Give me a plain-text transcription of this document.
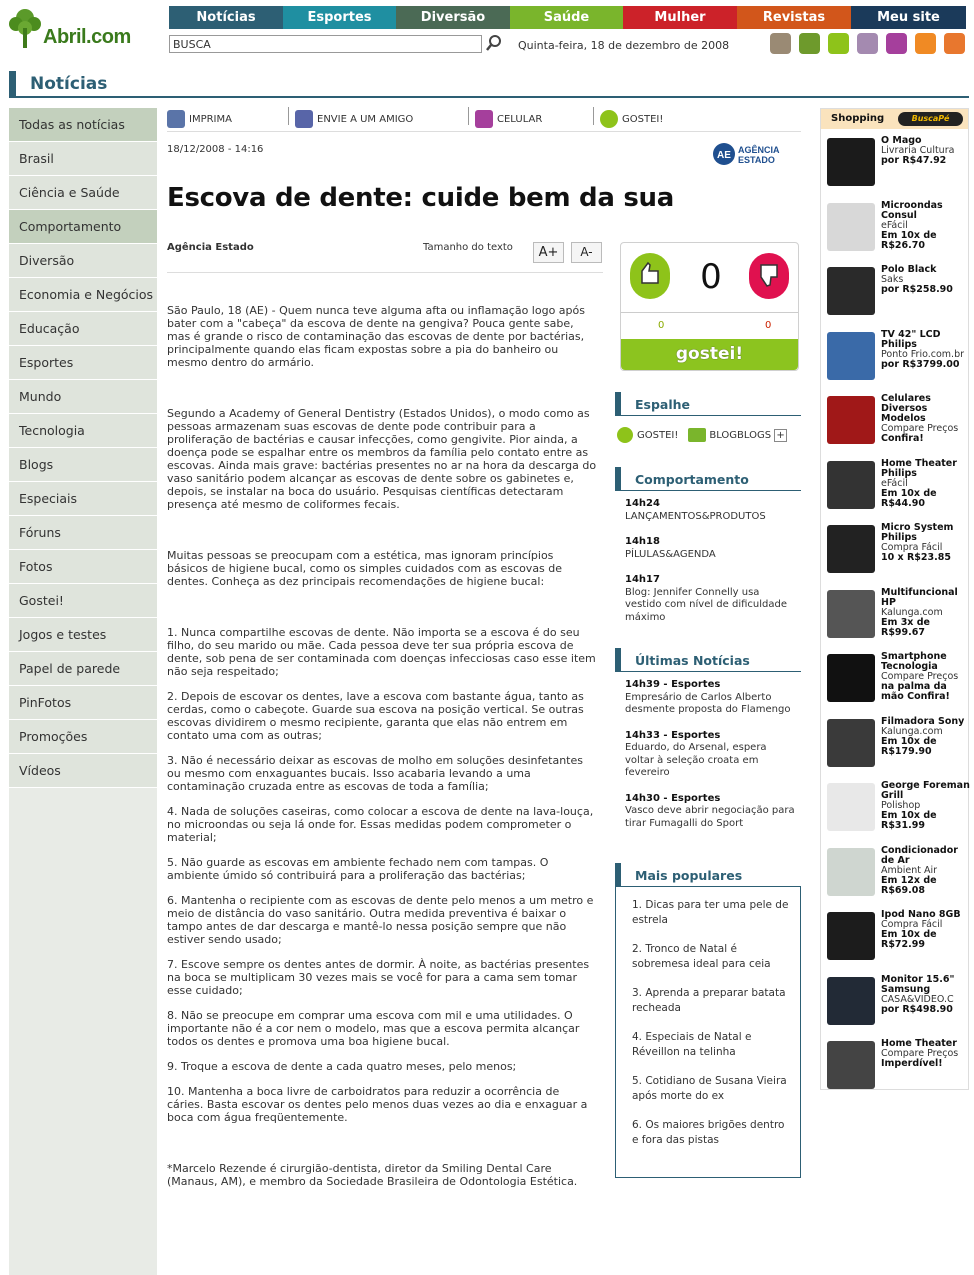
Abril.com
Notícias	Esportes	Diversão	Saúde	Mulher	Revistas	Meu site
BUSCA
Quinta-feira, 18 de dezembro de 2008
Notícias
Todas as notícias
Brasil
Ciência e Saúde
Comportamento
Diversão
Economia e Negócios
Educação
Esportes
Mundo
Tecnologia
Blogs
Especiais
Fóruns
Fotos
Gostei!
Jogos e testes
Papel de parede
PinFotos
Promoções
Vídeos
IMPRIMA	ENVIE A UM AMIGO	CELULAR	GOSTEI!
18/12/2008 - 14:16
AE AGÊNCIA
ESTADO
Escova de dente: cuide bem da sua
Agência Estado	Tamanho do texto	A+	A-

São Paulo, 18 (AE) - Quem nunca teve alguma afta ou inflamação logo após bater com a "cabeça" da escova de dente na gengiva? Pouca gente sabe, mas é grande o risco de contaminação das escovas de dente por bactérias, principalmente quando elas ficam expostas sobre a pia do banheiro ou mesmo dentro do armário.

Segundo a Academy of General Dentistry (Estados Unidos), o modo como as pessoas armazenam suas escovas de dente pode contribuir para a proliferação de bactérias e causar infecções, como gengivite. Pior ainda, a doença pode se espalhar entre os membros da família pelo contato entre as escovas. Ainda mais grave: bactérias presentes no ar na hora da descarga do vaso sanitário podem alcançar as escovas de dente sobre os gabinetes e, depois, se instalar na boca do usuário. Pesquisas científicas detectaram presença até mesmo de coliformes fecais.

Muitas pessoas se preocupam com a estética, mas ignoram princípios básicos de higiene bucal, como os simples cuidados com as escovas de dentes. Conheça as dez principais recomendações de higiene bucal:

1. Nunca compartilhe escovas de dente. Não importa se a escova é do seu filho, do seu marido ou mãe. Cada pessoa deve ter sua própria escova de dente, sob pena de ser contaminada com doenças infecciosas caso esse item não seja respeitado;

2. Depois de escovar os dentes, lave a escova com bastante água, tanto as cerdas, como o cabeçote. Guarde sua escova na posição vertical. Se outras escovas dividirem o mesmo recipiente, garanta que elas não entrem em contato uma com as outras;

3. Não é necessário deixar as escovas de molho em soluções desinfetantes ou mesmo com enxaguantes bucais. Isso acabaria levando a uma contaminação cruzada entre as escovas de toda a família;

4. Nada de soluções caseiras, como colocar a escova de dente na lava-louça, no microondas ou seja lá onde for. Essas medidas podem comprometer o material;

5. Não guarde as escovas em ambiente fechado nem com tampas. O ambiente úmido só contribuirá para a proliferação das bactérias;

6. Mantenha o recipiente com as escovas de dente pelo menos a um metro e meio de distância do vaso sanitário. Outra medida preventiva é baixar o tampo antes de dar descarga e mantê-lo nessa posição sempre que não estiver sendo usado;

7. Escove sempre os dentes antes de dormir. À noite, as bactérias presentes na boca se multiplicam 30 vezes mais se você for para a cama sem tomar esse cuidado;

8. Não se preocupe em comprar uma escova com mil e uma utilidades. O importante não é a cor nem o modelo, mas que a escova permita alcançar todos os dentes e promova uma boa higiene bucal.

9. Troque a escova de dente a cada quatro meses, pelo menos;

10. Mantenha a boca livre de carboidratos para reduzir a ocorrência de cáries. Basta escovar os dentes pelo menos duas vezes ao dia e enxaguar a boca com água freqüentemente.

*Marcelo Rezende é cirurgião-dentista, diretor da Smiling Dental Care (Manaus, AM), e membro da Sociedade Brasileira de Odontologia Estética.

0
0	0
gostei!
Espalhe
GOSTEI!	BLOGBLOGS +
Comportamento
14h24
LANÇAMENTOS&PRODUTOS
14h18
PÍLULAS&AGENDA
14h17
Blog: Jennifer Connelly usa vestido com nível de dificuldade máximo
Últimas Notícias
14h39 - Esportes
Empresário de Carlos Alberto desmente proposta do Flamengo
14h33 - Esportes
Eduardo, do Arsenal, espera voltar à seleção croata em fevereiro
14h30 - Esportes
Vasco deve abrir negociação para tirar Fumagalli do Sport
Mais populares
1. Dicas para ter uma pele de estrela
2. Tronco de Natal é sobremesa ideal para ceia
3. Aprenda a preparar batata recheada
4. Especiais de Natal e Réveillon na telinha
5. Cotidiano de Susana Vieira após morte do ex
6. Os maiores brigões dentro e fora das pistas
Shopping	BuscaPé
O Mago
Livraria Cultura
por R$47.92
Microondas Consul
eFácil
Em 10x de R$26.70
Polo Black
Saks
por R$258.90
TV 42" LCD Philips
Ponto Frio.com.br
por R$3799.00
Celulares Diversos Modelos
Compare Preços
Confira!
Home Theater Philips
eFácil
Em 10x de R$44.90
Micro System Philips
Compra Fácil
10 x R$23.85
Multifuncional HP
Kalunga.com
Em 3x de R$99.67
Smartphone Tecnologia
Compare Preços
na palma da mão Confira!
Filmadora Sony
Kalunga.com
Em 10x de R$179.90
George Foreman Grill
Polishop
Em 10x de R$31.99
Condicionador de Ar
Ambient Air
Em 12x de R$69.08
Ipod Nano 8GB
Compra Fácil
Em 10x de R$72.99
Monitor 15.6" Samsung
CASA&VIDEO.C
por R$498.90
Home Theater
Compare Preços
Imperdível!
